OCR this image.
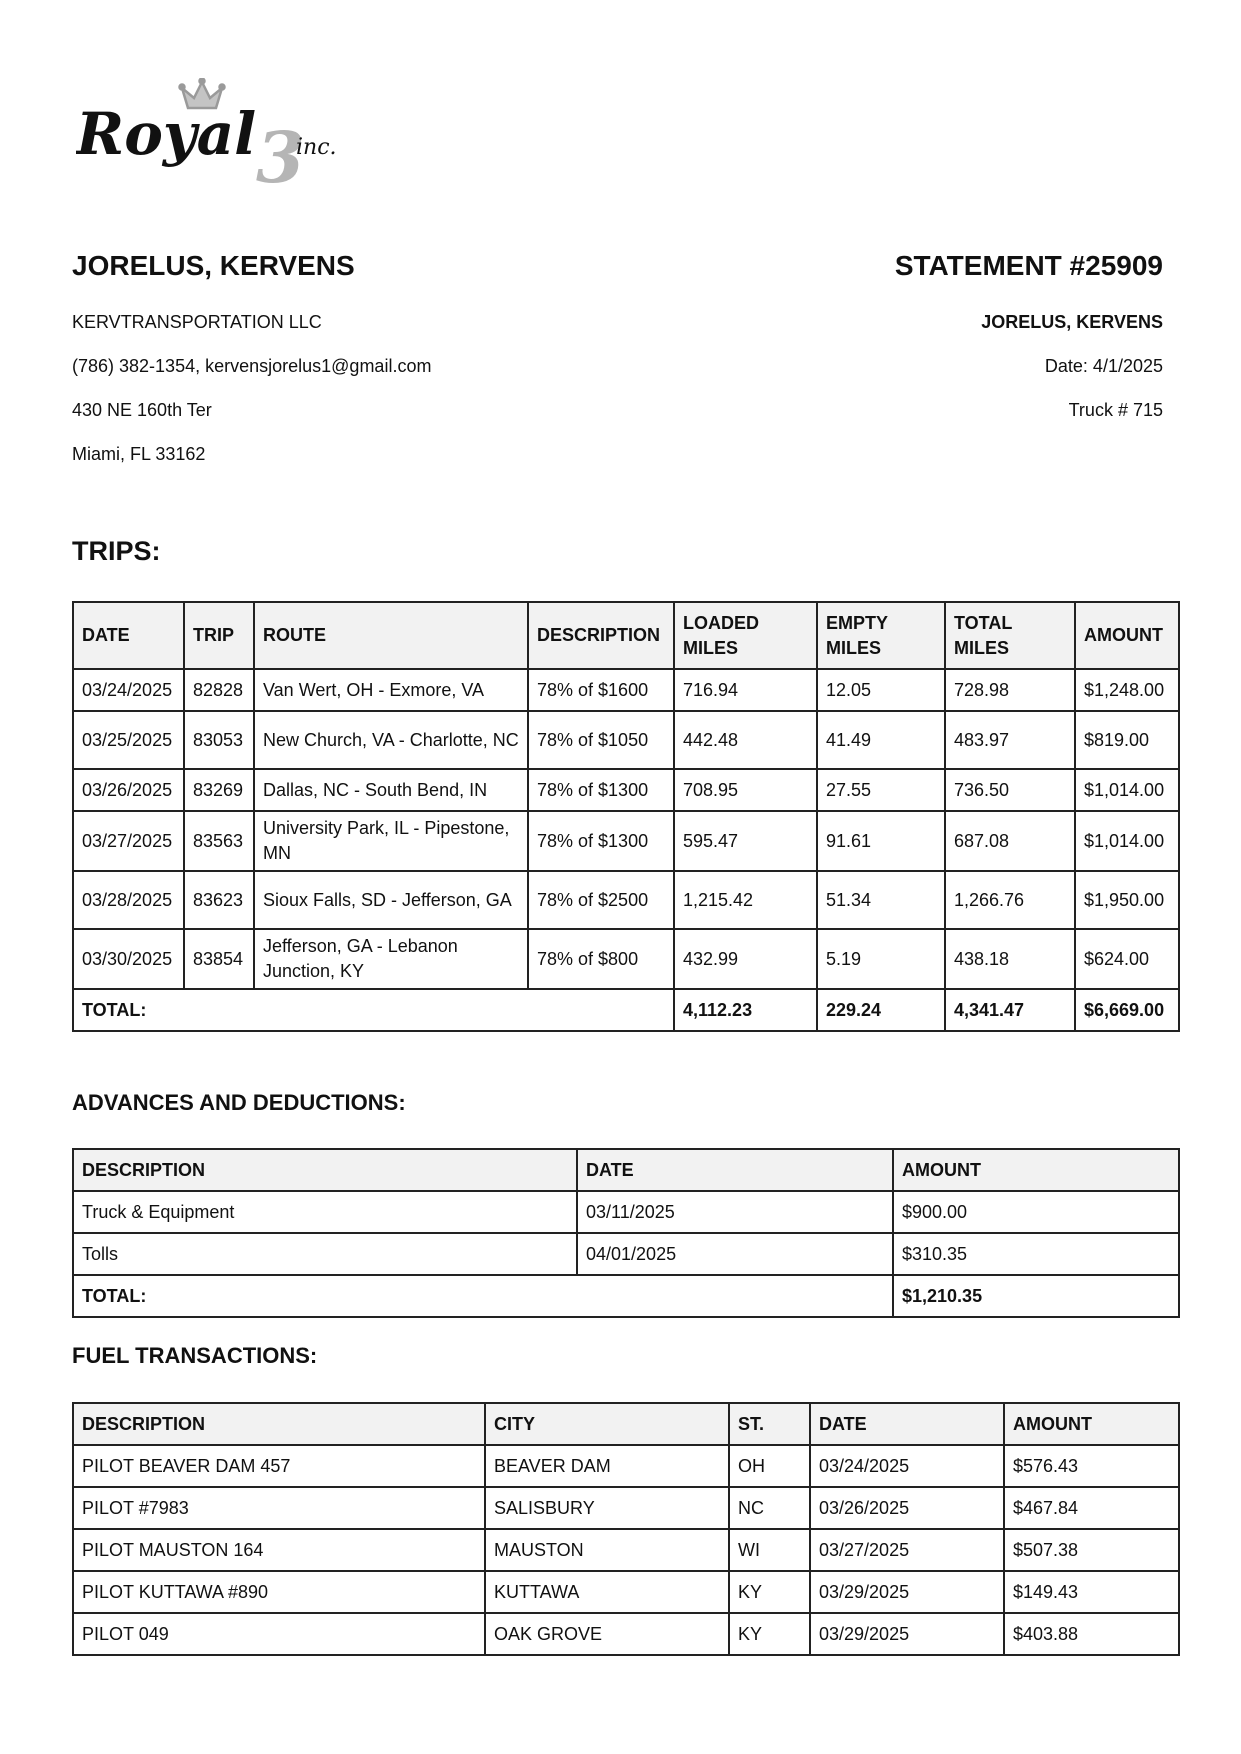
Royal 3
inc.
JORELUS, KERVENS
KERVTRANSPORTATION LLC
(786) 382-1354, kervensjorelus1@gmail.com
430 NE 160th Ter
Miami, FL 33162
STATEMENT #25909
JORELUS, KERVENS
Date: 4/1/2025
Truck # 715
TRIPS:
DATE	TRIP	ROUTE	DESCRIPTION	LOADED MILES	EMPTY MILES	TOTAL MILES	AMOUNT
03/24/2025	82828	Van Wert, OH - Exmore, VA	78% of $1600	716.94	12.05	728.98	$1,248.00
03/25/2025	83053	New Church, VA - Charlotte, NC	78% of $1050	442.48	41.49	483.97	$819.00
03/26/2025	83269	Dallas, NC - South Bend, IN	78% of $1300	708.95	27.55	736.50	$1,014.00
03/27/2025	83563	University Park, IL - Pipestone, MN	78% of $1300	595.47	91.61	687.08	$1,014.00
03/28/2025	83623	Sioux Falls, SD - Jefferson, GA	78% of $2500	1,215.42	51.34	1,266.76	$1,950.00
03/30/2025	83854	Jefferson, GA - Lebanon Junction, KY	78% of $800	432.99	5.19	438.18	$624.00
TOTAL:				4,112.23	229.24	4,341.47	$6,669.00
ADVANCES AND DEDUCTIONS:
DESCRIPTION	DATE	AMOUNT
Truck & Equipment	03/11/2025	$900.00
Tolls	04/01/2025	$310.35
TOTAL:		$1,210.35
FUEL TRANSACTIONS:
DESCRIPTION	CITY	ST.	DATE	AMOUNT
PILOT BEAVER DAM 457	BEAVER DAM	OH	03/24/2025	$576.43
PILOT #7983	SALISBURY	NC	03/26/2025	$467.84
PILOT MAUSTON 164	MAUSTON	WI	03/27/2025	$507.38
PILOT KUTTAWA #890	KUTTAWA	KY	03/29/2025	$149.43
PILOT 049	OAK GROVE	KY	03/29/2025	$403.88
